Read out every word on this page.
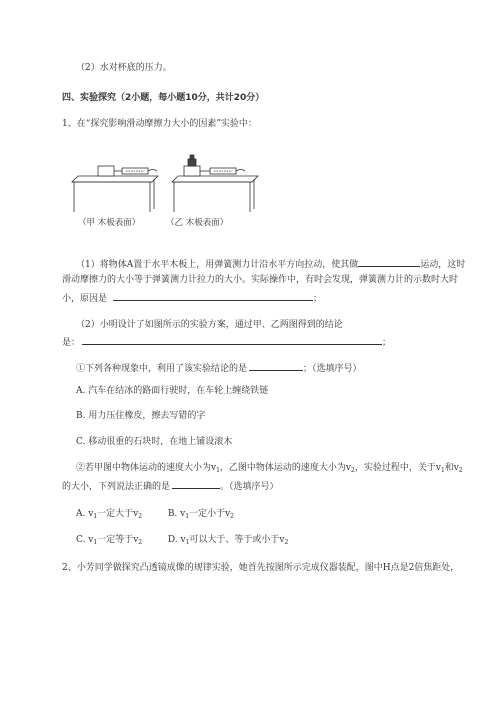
（2）水对杯底的压力。
四、实验探究（2小题，每小题10分，共计20分）
1、在“探究影响滑动摩擦力大小的因素”实验中：
（甲 木板表面）	（乙 木板表面）
（1）将物体A置于水平木板上，用弹簧测力计沿水平方向拉动，使其做	运动，这时
滑动摩擦力的大小等于弹簧测力计拉力的大小。实际操作中，有时会发现，弹簧测力计的示数时大时
小，原因是	；
（2）小明设计了如图所示的实验方案，通过甲、乙两图得到的结论
是：	；
①下列各种现象中，利用了该实验结论的是	；（选填序号）
A. 汽车在结冰的路面行驶时，在车轮上缠绕铁链
B. 用力压住橡皮，擦去写错的字
C. 移动很重的石块时，在地上铺设滚木
②若甲图中物体运动的速度大小为$v_1$，乙图中物体运动的速度大小为$v_2$，实验过程中，关于$v_1$和$v_2$
的大小，下列说法正确的是	。（选填序号）
A. $v_1$一定大于$v_2$	B. $v_1$一定小于$v_2$
C. $v_1$一定等于$v_2$	D. $v_1$可以大于、等于或小于$v_2$
2、小芳同学做探究凸透镜成像的规律实验，她首先按图所示完成仪器装配，图中H点是2倍焦距处，
